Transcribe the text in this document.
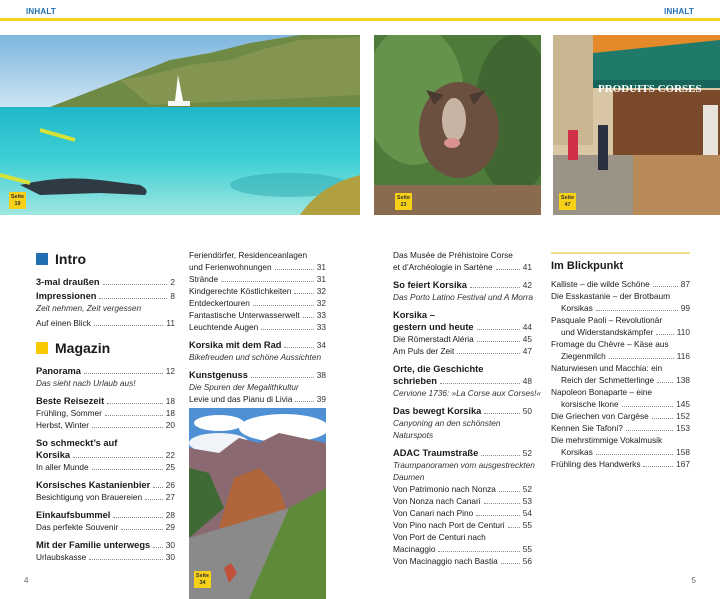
INHALT	INHALT
Seite
19
Seite
23
PRODUITS CORSES
Seite
47
Seite
34
Intro
3-mal draußen	2
Impressionen	8
Zeit nehmen, Zeit vergessen
Auf einen Blick	11
Magazin
Panorama	12
Das sieht nach Urlaub aus!
Beste Reisezeit	18
Frühling, Sommer	18
Herbst, Winter	20
So schmeckt’s auf
Korsika	22
In aller Munde	25
Korsisches Kastanienbier 26
Besichtigung von Brauereien	27
Einkaufsbummel	28
Das perfekte Souvenir	29
Mit der Familie unterwegs 30
Urlaubskasse	30
Feriendörfer, Residenceanlagen
und Ferienwohnungen	31
Strände	31
Kindgerechte Köstlichkeiten	32
Entdeckertouren	32
Fantastische Unterwasserwelt 33
Leuchtende Augen	33
Korsika mit dem Rad	34
Bikefreuden und schöne Aussichten
Kunstgenuss	38
Die Spuren der Megalithkultur
Levie und das Pianu di Livia	39
Das Musée de Préhistoire Corse
et d’Archéologie in Sartène	41
So feiert Korsika	42
Das Porto Latino Festival und A Morra
Korsika –
gestern und heute	44
Die Römerstadt Aléria	45
Am Puls der Zeit	47
Orte, die Geschichte
schrieben	48
Cervione 1736: »La Corse aux Corses!«
Das bewegt Korsika	50
Canyoning an den schönsten
Naturspots
ADAC Traumstraße	52
Traumpanoramen vom ausgestreckten
Daumen
Von Patrimonio nach Nonza	52
Von Nonza nach Canari	53
Von Canari nach Pino	54
Von Pino nach Port de Centuri 55
Von Port de Centuri nach
Macinaggio	55
Von Macinaggio nach Bastia	56
Im Blickpunkt
Kalliste – die wilde Schöne	87
Die Esskastanie – der Brotbaum
Korsikas	99
Pasquale Paoli – Revolutionär
und Widerstandskämpfer	110
Fromage du Chèvre – Käse aus
Ziegenmilch	116
Naturwiesen und Macchia: ein
Reich der Schmetterlinge	138
Napoleon Bonaparte – eine
korsische Ikone	145
Die Griechen von Cargèse	152
Kennen Sie Tafoni?	153
Die mehrstimmige Vokalmusik
Korsikas	158
Frühling des Handwerks	167
4	5
